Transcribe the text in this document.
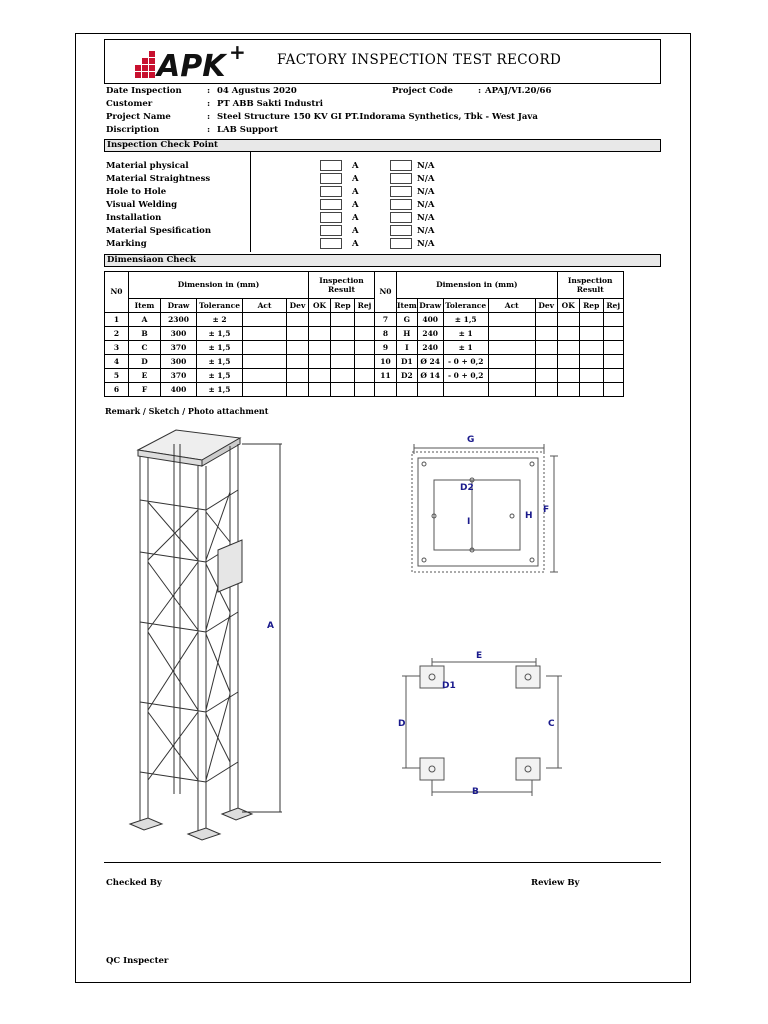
APK + FACTORY INSPECTION TEST RECORD
Date Inspection	: 04 Agustus 2020	Project Code	: APAJ/VI.20/66
Customer	: PT ABB Sakti Industri
Project Name	: Steel Structure 150 KV GI PT.Indorama Synthetics, Tbk - West Java
Discription	: LAB Support
Inspection Check Point
Material physical	A	N/A
Material Straightness	A	N/A
Hole to Hole	A	N/A
Visual Welding	A	N/A
Installation	A	N/A
Material Spesification	A	N/A
Marking	A	N/A
Dimensiaon Check
N0	Dimension in (mm)					Inspection Result			N0	Dimension in (mm)					Inspection Result		
	Item	Draw	Tolerance	Act	Dev	OK	Rep	Rej		Item	Draw	Tolerance	Act	Dev	OK	Rep	Rej
1	A	2300	± 2						7	G	400	± 1,5					
2	B	300	± 1,5						8	H	240	± 1					
3	C	370	± 1,5						9	I	240	± 1					
4	D	300	± 1,5						10	D1	Ø 24	- 0 + 0,2					
5	E	370	± 1,5						11	D2	Ø 14	- 0 + 0,2					
6	F	400	± 1,5														
Remark / Sketch / Photo attachment
A
G
D2
I
H
F
E
D1
D	C
B
Checked By	Review By
QC Inspecter
